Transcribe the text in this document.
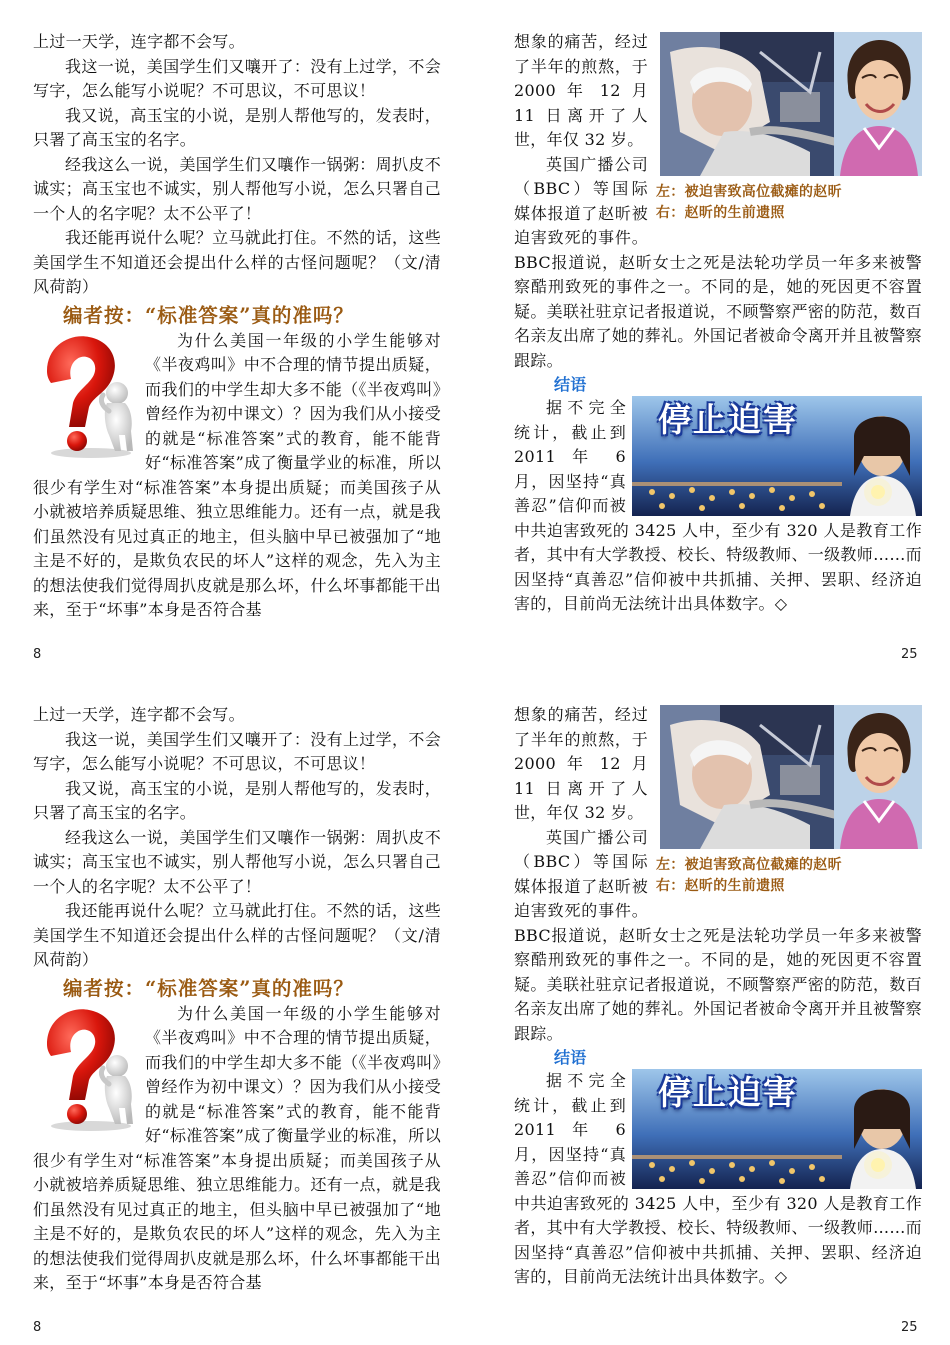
上过一天学，连字都不会写。

我这一说，美国学生们又嚷开了：没有上过学，不会写字，怎么能写小说呢？不可思议，不可思议！

我又说，高玉宝的小说，是别人帮他写的，发表时，只署了高玉宝的名字。

经我这么一说，美国学生们又嚷作一锅粥：周扒皮不诚实；高玉宝也不诚实，别人帮他写小说，怎么只署自己一个人的名字呢？太不公平了！

我还能再说什么呢？立马就此打住。不然的话，这些美国学生不知道还会提出什么样的古怪问题呢？（文/清风荷韵）

编者按：“标准答案”真的准吗？

为什么美国一年级的小学生能够对《半夜鸡叫》中不合理的情节提出质疑，而我们的中学生却大多不能（《半夜鸡叫》曾经作为初中课文）？因为我们从小接受的就是“标准答案”式的教育，能不能背好“标准答案”成了衡量学业的标准，所以很少有学生对“标准答案”本身提出质疑；而美国孩子从小就被培养质疑思维、独立思维能力。还有一点，就是我们虽然没有见过真正的地主，但头脑中早已被强加了“地主是不好的，是欺负农民的坏人”这样的观念，先入为主的想法使我们觉得周扒皮就是那么坏，什么坏事都能干出来，至于“坏事”本身是否符合基

左：被迫害致高位截瘫的赵昕
右：赵昕的生前遗照

想象的痛苦，经过了半年的煎熬，于 2000 年 12 月 11 日离开了人世，年仅 32 岁。

英国广播公司（BBC）等国际媒体报道了赵昕被迫害致死的事件。BBC报道说，赵昕女士之死是法轮功学员一年多来被警察酷刑致死的事件之一。不同的是，她的死因更不容置疑。美联社驻京记者报道说，不顾警察严密的防范，数百名亲友出席了她的葬礼。外国记者被命令离开并且被警察跟踪。

结语
停止迫害

据不完全统计，截止到 2011 年 6 月，因坚持“真善忍”信仰而被中共迫害致死的 3425 人中，至少有 320 人是教育工作者，其中有大学教授、校长、特级教师、一级教师……而因坚持“真善忍”信仰被中共抓捕、关押、罢职、经济迫害的，目前尚无法统计出具体数字。◇

8	25

上过一天学，连字都不会写。

我这一说，美国学生们又嚷开了：没有上过学，不会写字，怎么能写小说呢？不可思议，不可思议！

我又说，高玉宝的小说，是别人帮他写的，发表时，只署了高玉宝的名字。

经我这么一说，美国学生们又嚷作一锅粥：周扒皮不诚实；高玉宝也不诚实，别人帮他写小说，怎么只署自己一个人的名字呢？太不公平了！

我还能再说什么呢？立马就此打住。不然的话，这些美国学生不知道还会提出什么样的古怪问题呢？（文/清风荷韵）

编者按：“标准答案”真的准吗？

为什么美国一年级的小学生能够对《半夜鸡叫》中不合理的情节提出质疑，而我们的中学生却大多不能（《半夜鸡叫》曾经作为初中课文）？因为我们从小接受的就是“标准答案”式的教育，能不能背好“标准答案”成了衡量学业的标准，所以很少有学生对“标准答案”本身提出质疑；而美国孩子从小就被培养质疑思维、独立思维能力。还有一点，就是我们虽然没有见过真正的地主，但头脑中早已被强加了“地主是不好的，是欺负农民的坏人”这样的观念，先入为主的想法使我们觉得周扒皮就是那么坏，什么坏事都能干出来，至于“坏事”本身是否符合基

左：被迫害致高位截瘫的赵昕
右：赵昕的生前遗照

想象的痛苦，经过了半年的煎熬，于 2000 年 12 月 11 日离开了人世，年仅 32 岁。

英国广播公司（BBC）等国际媒体报道了赵昕被迫害致死的事件。BBC报道说，赵昕女士之死是法轮功学员一年多来被警察酷刑致死的事件之一。不同的是，她的死因更不容置疑。美联社驻京记者报道说，不顾警察严密的防范，数百名亲友出席了她的葬礼。外国记者被命令离开并且被警察跟踪。

结语
停止迫害

据不完全统计，截止到 2011 年 6 月，因坚持“真善忍”信仰而被中共迫害致死的 3425 人中，至少有 320 人是教育工作者，其中有大学教授、校长、特级教师、一级教师……而因坚持“真善忍”信仰被中共抓捕、关押、罢职、经济迫害的，目前尚无法统计出具体数字。◇

8	25
